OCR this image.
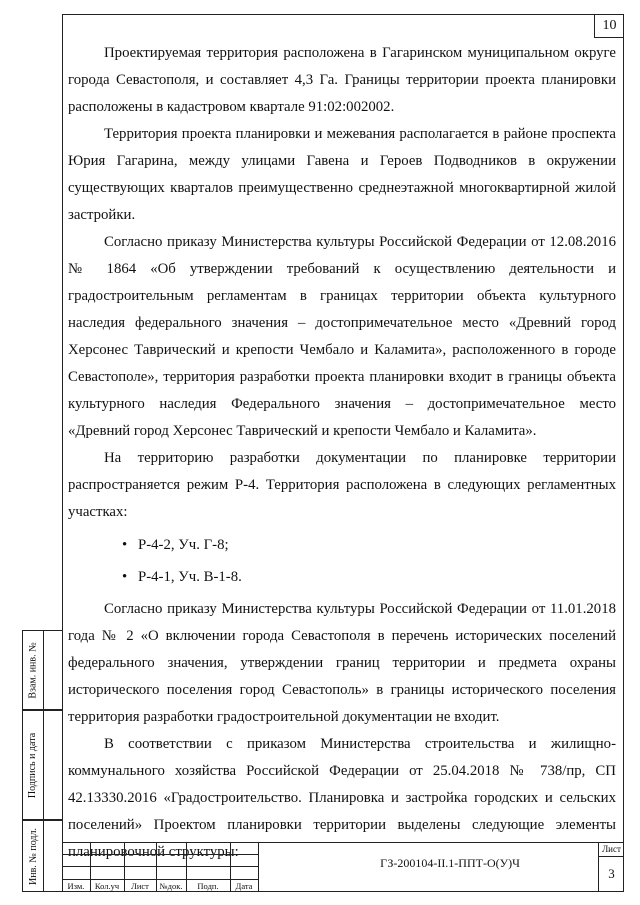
10

Проектируемая территория расположена в Гагаринском муниципальном округе города Севастополя, и составляет 4,3 Га. Границы территории проекта планировки расположены в кадастровом квартале 91:02:002002.

Территория проекта планировки и межевания располагается в районе проспекта Юрия Гагарина, между улицами Гавена и Героев Подводников в окружении существующих кварталов преимущественно среднеэтажной многоквартирной жилой застройки.

Согласно приказу Министерства культуры Российской Федерации от 12.08.2016 № 1864 «Об утверждении требований к осуществлению деятельности и градостроительным регламентам в границах территории объекта культурного наследия федерального значения – достопримечательное место «Древний город Херсонес Таврический и крепости Чембало и Каламита», расположенного в городе Севастополе», территория разработки проекта планировки входит в границы объекта культурного наследия Федерального значения – достопримечательное место «Древний город Херсонес Таврический и крепости Чембало и Каламита».

На территорию разработки документации по планировке территории распространяется режим Р-4. Территория расположена в следующих регламентных участках:

• Р-4-2, Уч. Г-8;
• Р-4-1, Уч. В-1-8.

Согласно приказу Министерства культуры Российской Федерации от 11.01.2018 года № 2 «О включении города Севастополя в перечень исторических поселений федерального значения, утверждении границ территории и предмета охраны исторического поселения город Севастополь» в границы исторического поселения территория разработки градостроительной документации не входит.

В соответствии с приказом Министерства строительства и жилищно-коммунального хозяйства Российской Федерации от 25.04.2018 № 738/пр, СП 42.13330.2016 «Градостроительство. Планировка и застройка городских и сельских поселений» Проектом планировки территории выделены следующие элементы планировочной структуры:

Взам. инв. №
Подпись и дата
Инв. № подл.
Изм.	Кол.уч	Лист	№док.	Подп.	Дата
ГЗ-200104-II.1-ППТ-О(У)Ч
Лист
3
